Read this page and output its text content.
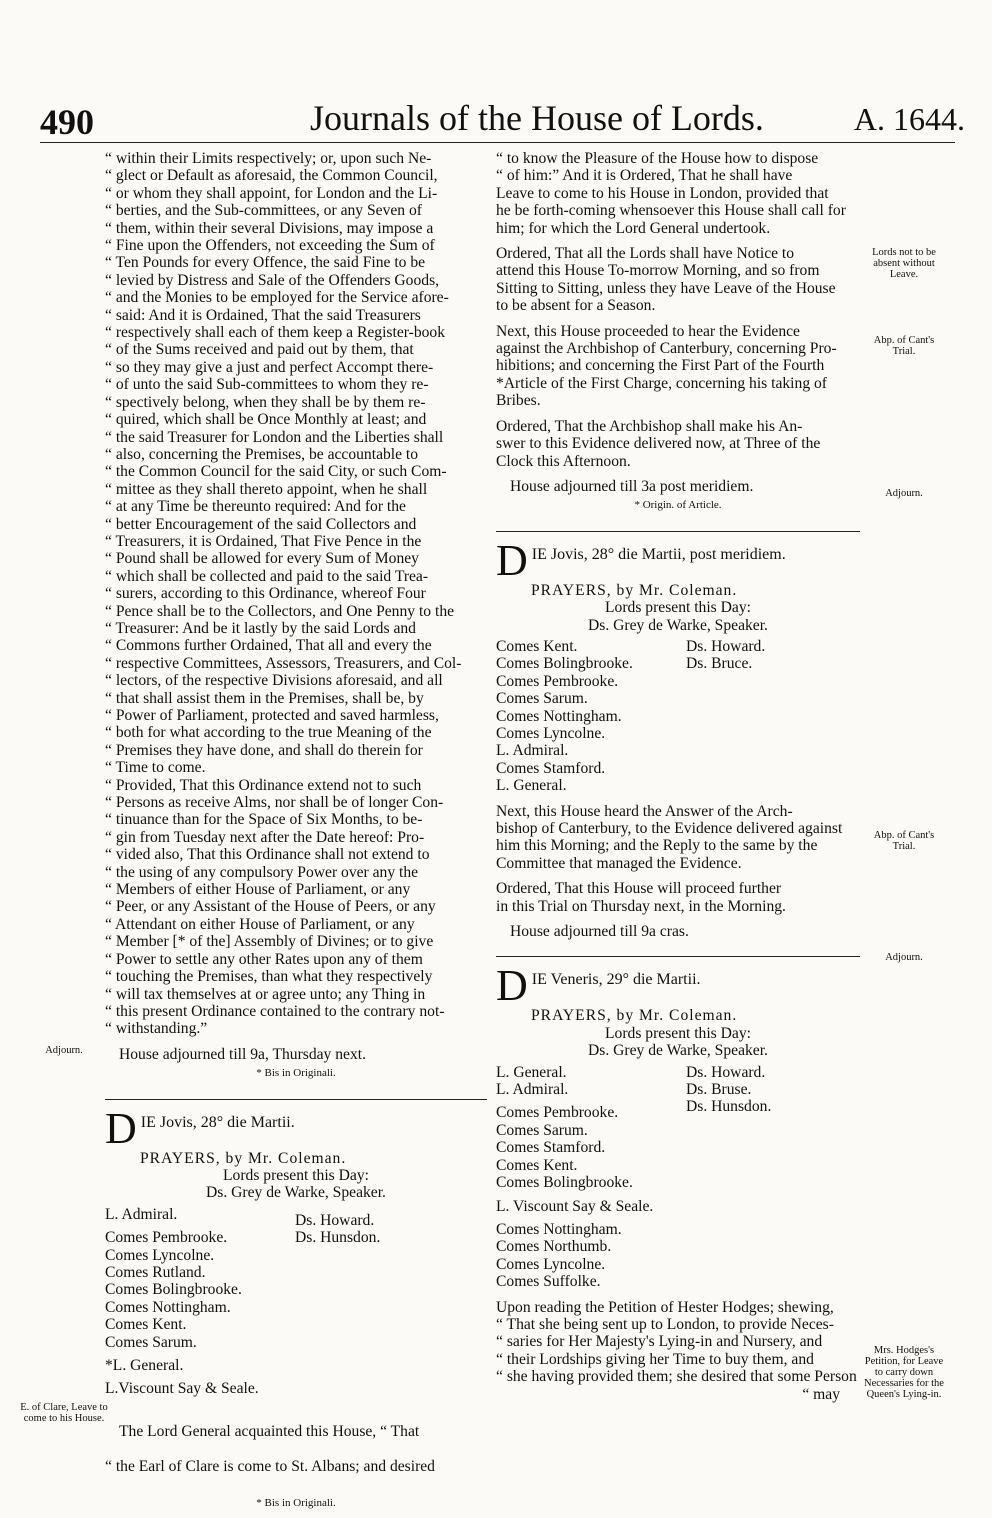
490	Journals of the House of Lords.	A. 1644.
“ within their Limits respectively; or, upon such Ne-
“ glect or Default as aforesaid, the Common Council,
“ or whom they shall appoint, for London and the Li-
“ berties, and the Sub-committees, or any Seven of
“ them, within their several Divisions, may impose a
“ Fine upon the Offenders, not exceeding the Sum of
“ Ten Pounds for every Offence, the said Fine to be
“ levied by Distress and Sale of the Offenders Goods,
“ and the Monies to be employed for the Service afore-
“ said: And it is Ordained, That the said Treasurers
“ respectively shall each of them keep a Register-book
“ of the Sums received and paid out by them, that
“ so they may give a just and perfect Accompt there-
“ of unto the said Sub-committees to whom they re-
“ spectively belong, when they shall be by them re-
“ quired, which shall be Once Monthly at least; and
“ the said Treasurer for London and the Liberties shall
“ also, concerning the Premises, be accountable to
“ the Common Council for the said City, or such Com-
“ mittee as they shall thereto appoint, when he shall
“ at any Time be thereunto required: And for the
“ better Encouragement of the said Collectors and
“ Treasurers, it is Ordained, That Five Pence in the
“ Pound shall be allowed for every Sum of Money
“ which shall be collected and paid to the said Trea-
“ surers, according to this Ordinance, whereof Four
“ Pence shall be to the Collectors, and One Penny to the
“ Treasurer: And be it lastly by the said Lords and
“ Commons further Ordained, That all and every the
“ respective Committees, Assessors, Treasurers, and Col-
“ lectors, of the respective Divisions aforesaid, and all
“ that shall assist them in the Premises, shall be, by
“ Power of Parliament, protected and saved harmless,
“ both for what according to the true Meaning of the
“ Premises they have done, and shall do therein for
“ Time to come.
“ Provided, That this Ordinance extend not to such
“ Persons as receive Alms, nor shall be of longer Con-
“ tinuance than for the Space of Six Months, to be-
“ gin from Tuesday next after the Date hereof: Pro-
“ vided also, That this Ordinance shall not extend to
“ the using of any compulsory Power over any the
“ Members of either House of Parliament, or any
“ Peer, or any Assistant of the House of Peers, or any
“ Attendant on either House of Parliament, or any
“ Member [* of the] Assembly of Divines; or to give
“ Power to settle any other Rates upon any of them
“ touching the Premises, than what they respectively
“ will tax themselves at or agree unto; any Thing in
“ this present Ordinance contained to the contrary not-
“ withstanding.”
House adjourned till 9a, Thursday next.
* Bis in Originali.
D IE Jovis, 28° die Martii.
PRAYERS, by Mr. Coleman.
Lords present this Day:
Ds. Grey de Warke, Speaker.
L. Admiral.
Comes Pembrooke.
Comes Lyncolne.
Comes Rutland.
Comes Bolingbrooke.
Comes Nottingham.
Comes Kent.
Comes Sarum.
*L. General.
L.Viscount Say & Seale.
Ds. Howard.
Ds. Hunsdon.

The Lord General acquainted this House, “ That

“ the Earl of Clare is come to St. Albans; and desired

* Bis in Originali.
Adjourn.
E. of Clare, Leave to come to his House.
“ to know the Pleasure of the House how to dispose
“ of him:” And it is Ordered, That he shall have
Leave to come to his House in London, provided that
he be forth-coming whensoever this House shall call for
him; for which the Lord General undertook.
Ordered, That all the Lords shall have Notice to
attend this House To-morrow Morning, and so from
Sitting to Sitting, unless they have Leave of the House
to be absent for a Season.
Next, this House proceeded to hear the Evidence
against the Archbishop of Canterbury, concerning Pro-
hibitions; and concerning the First Part of the Fourth
*Article of the First Charge, concerning his taking of
Bribes.
Ordered, That the Archbishop shall make his An-
swer to this Evidence delivered now, at Three of the
Clock this Afternoon.
House adjourned till 3a post meridiem.
* Origin. of Article.
D IE Jovis, 28° die Martii, post meridiem.
PRAYERS, by Mr. Coleman.
Lords present this Day:
Ds. Grey de Warke, Speaker.
Comes Kent.
Comes Bolingbrooke.
Comes Pembrooke.
Comes Sarum.
Comes Nottingham.
Comes Lyncolne.
L. Admiral.
Comes Stamford.
L. General.
Ds. Howard.
Ds. Bruce.
Next, this House heard the Answer of the Arch-
bishop of Canterbury, to the Evidence delivered against
him this Morning; and the Reply to the same by the
Committee that managed the Evidence.
Ordered, That this House will proceed further
in this Trial on Thursday next, in the Morning.
House adjourned till 9a cras.
D IE Veneris, 29° die Martii.
PRAYERS, by Mr. Coleman.
Lords present this Day:
Ds. Grey de Warke, Speaker.
L. General.
L. Admiral.
Comes Pembrooke.
Comes Sarum.
Comes Stamford.
Comes Kent.
Comes Bolingbrooke.
L. Viscount Say & Seale.
Comes Nottingham.
Comes Northumb.
Comes Lyncolne.
Comes Suffolke.
Ds. Howard.
Ds. Bruse.
Ds. Hunsdon.
Upon reading the Petition of Hester Hodges; shewing,
“ That she being sent up to London, to provide Neces-
“ saries for Her Majesty's Lying-in and Nursery, and
“ their Lordships giving her Time to buy them, and
“ she having provided them; she desired that some Person
“ may
Lords not to be absent without Leave.
Abp. of Cant's Trial.
Adjourn.
Abp. of Cant's Trial.
Adjourn.
Mrs. Hodges's Petition, for Leave to carry down Necessaries for the Queen's Lying-in.
